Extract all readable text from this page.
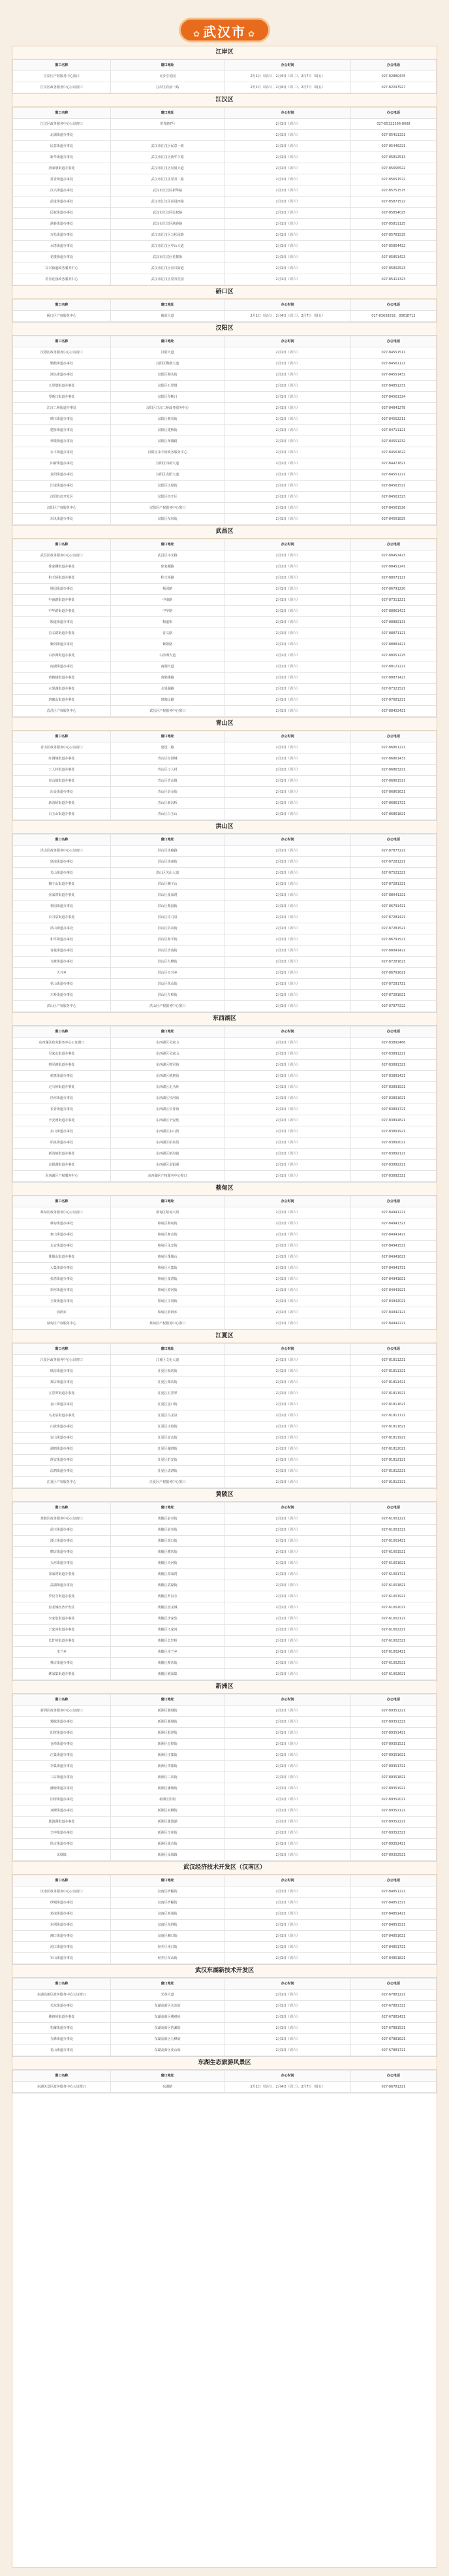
✿ 武汉市 ✿
江岸区
窗口名称	窗口地址	办公时间	办公电话
江岸区产权服务中心窗口	百步亭花园	2月1日（周六）、2月4日（周二）、2月7日（周五）	027-82880445
江岸区政务服务中心公证窗口	江岸区府前一路	2月1日（周六）、2月4日（周二）、2月7日（周五）	027-82297927
江汉区
窗口名称	窗口地址	办公时间	办公电话
江汉区政务服务中心公证窗口	常青路7号	2月1日（周六）	027-85322596-8008
北湖街道办事处		2月1日（周六）	027-85411321
民意街道办事处	武汉市江汉区民意一路	2月1日（周六）	027-85446221
新华街道办事处	武汉市江汉区新华下路	2月1日（周六）	027-85812513
唐家墩街道办事处	武汉市江汉区发展大道	2月1日（周六）	027-85656522
常青街道办事处	武汉市江汉区常青二路	2月1日（周六）	027-85651522
汉兴街道办事处	武汉市江汉区新华路	2月1日（周六）	027-85751575
前进街道办事处	武汉市江汉区前进四路	2月1日（周六）	027-85871522
民权街道办事处	武汉市江汉区民权路	2月1日（周六）	027-85854025
满春街道办事处	武汉市江汉区满春路	2月1日（周六）	027-85811125
万松街道办事处	武汉市江汉区万松园路	2月1日（周六）	027-85781525
水塔街道办事处	武汉市江汉区中山大道	2月1日（周六）	027-85854422
花楼街道办事处	武汉市江汉区花楼街	2月1日（周六）	027-85851423
汉兴街道政务服务中心	武汉市江汉区汉兴街道	2月1日（周六）	027-85802523
常青花园政务服务中心	武汉市江汉区常青花园	2月1日（周六）	027-85411323
硚口区
窗口名称	窗口地址	办公时间	办公电话
硚口区产权服务中心	解放大道	2月1日（周六）、2月4日（周二）、2月7日（周五）	027-83638292、83618712
汉阳区
窗口名称	窗口地址	办公时间	办公电话
汉阳区政务服务中心公证窗口	汉阳大道	2月1日（周六）	027-84551511
鹦鹉街道办事处	汉阳区鹦鹉大道	2月1日（周六）	027-84561121
洲头街道办事处	汉阳区洲头街	2月1日（周六）	027-84551432
五里墩街道办事处	汉阳区五里墩	2月1日（周六）	027-84851231
琴断口街道办事处	汉阳区琴断口	2月1日（周六）	027-84561324
江汉二桥街道办事处	汉阳区江汉二桥政务服务中心	2月1日（周六）	027-84841278
晴川街道办事处	汉阳区晴川街	2月1日（周六）	027-84562211
建桥街道办事处	汉阳区建桥街	2月1日（周六）	027-84711121
翠微街道办事处	汉阳区翠微路	2月1日（周六）	027-84551232
永丰街道办事处	汉阳区永丰街政务服务中心	2月1日（周六）	027-84561622
四新街道办事处	汉阳区四新大道	2月1日（周六）	027-84471821
龙阳街道办事处	汉阳区龙阳大道	2月1日（周六）	027-84551221
江堤街道办事处	汉阳区江堤街	2月1日（周六）	027-84561521
汉阳经济开发区	汉阳区经开区	2月1日（周六）	027-84561323
汉阳区产权服务中心	汉阳区产权服务中心窗口	2月1日（周六）	027-84561526
东风街道办事处	汉阳区东风街	2月1日（周六）	027-84561825
武昌区
窗口名称	窗口地址	办公时间	办公电话
武昌区政务服务中心公证窗口	武昌区中北路	2月1日（周六）	027-88452423
徐家棚街道办事处	徐家棚路	2月1日（周六）	027-88451241
积玉桥街道办事处	积玉桥路	2月1日（周六）	027-88071121
杨园街道办事处	杨园路	2月1日（周六）	027-86791220
中南路街道办事处	中南路	2月1日（周六）	027-87311221
中华路街道办事处	中华路	2月1日（周六）	027-88861421
粮道街道办事处	粮道街	2月1日（周六）	027-88882131
首义路街道办事处	首义路	2月1日（周六）	027-88871121
紫阳街道办事处	紫阳路	2月1日（周六）	027-88881421
白沙洲街道办事处	白沙洲大道	2月1日（周六）	027-88051225
南湖街道办事处	南湖大道	2月1日（周六）	027-88121221
黄鹤楼街道办事处	黄鹤楼路	2月1日（周六）	027-88871421
水果湖街道办事处	水果湖路	2月1日（周六）	027-87321521
珞珈山街道办事处	珞珈山路	2月1日（周六）	027-87681221
武昌区产权服务中心	武昌区产权服务中心窗口	2月1日（周六）	027-88452421
青山区
窗口名称	窗口地址	办公时间	办公电话
青山区政务服务中心公证窗口	建设二路	2月1日（周六）	027-86861221
红钢城街道办事处	青山区红钢城	2月1日（周六）	027-86861431
工人村街道办事处	青山区工人村	2月1日（周六）	027-86863221
青山镇街道办事处	青山区青山镇	2月1日（周六）	027-86861521
冶金街道办事处	青山区冶金街	2月1日（周六）	027-86861621
新沟桥街道办事处	青山区新沟桥	2月1日（周六）	027-86861721
白玉山街道办事处	青山区白玉山	2月1日（周六）	027-86861821
洪山区
窗口名称	窗口地址	办公时间	办公电话
洪山区政务服务中心公证窗口	洪山区珞喻路	2月1日（周六）	027-87877221
珞南街道办事处	洪山区珞南街	2月1日（周六）	027-87281221
关山街道办事处	洪山区关山大道	2月1日（周六）	027-87521321
狮子山街道办事处	洪山区狮子山	2月1日（周六）	027-87281321
张家湾街道办事处	洪山区张家湾	2月1日（周六）	027-88041321
梨园街道办事处	洪山区梨园街	2月1日（周六）	027-86791421
卓刀泉街道办事处	洪山区卓刀泉	2月1日（周六）	027-87281421
洪山街道办事处	洪山区洪山街	2月1日（周六）	027-87281521
和平街道办事处	洪山区和平街	2月1日（周六）	027-86791521
青菱街道办事处	洪山区青菱街	2月1日（周六）	027-88041421
九峰街道办事处	洪山区九峰街	2月1日（周六）	027-87281621
天兴乡	洪山区天兴乡	2月1日（周六）	027-86791621
花山街道办事处	洪山区花山街	2月1日（周六）	027-87281721
左岭街道办事处	洪山区左岭街	2月1日（周六）	027-87281821
洪山区产权服务中心	洪山区产权服务中心窗口	2月1日（周六）	027-87877222
东西湖区
窗口名称	窗口地址	办公时间	办公电话
东西湖区政务服务中心公证窗口	东西湖区吴家山	2月1日（周六）	027-83892466
吴家山街道办事处	东西湖区吴家山	2月1日（周六）	027-83891221
将军路街道办事处	东西湖区将军路	2月1日（周六）	027-83891321
慈惠街道办事处	东西湖区慈惠街	2月1日（周六）	027-83891421
走马岭街道办事处	东西湖区走马岭	2月1日（周六）	027-83891521
径河街道办事处	东西湖区径河街	2月1日（周六）	027-83891621
长青街道办事处	东西湖区长青街	2月1日（周六）	027-83891721
辛安渡街道办事处	东西湖区辛安渡	2月1日（周六）	027-83891821
东山街道办事处	东西湖区东山街	2月1日（周六）	027-83891921
柏泉街道办事处	东西湖区柏泉街	2月1日（周六）	027-83892021
新沟镇街道办事处	东西湖区新沟镇	2月1日（周六）	027-83892121
金银湖街道办事处	东西湖区金银湖	2月1日（周六）	027-83892221
东西湖区产权服务中心	东西湖区产权服务中心窗口	2月1日（周六）	027-83892321
蔡甸区
窗口名称	窗口地址	办公时间	办公电话
蔡甸区政务服务中心公证窗口	蔡甸区蔡甸大街	2月1日（周六）	027-84941221
蔡甸街道办事处	蔡甸区蔡甸街	2月1日（周六）	027-84941321
奓山街道办事处	蔡甸区奓山街	2月1日（周六）	027-84941421
永安街道办事处	蔡甸区永安街	2月1日（周六）	027-84941521
侏儒山街道办事处	蔡甸区侏儒山	2月1日（周六）	027-84941621
大集街道办事处	蔡甸区大集街	2月1日（周六）	027-84941721
张湾街道办事处	蔡甸区张湾街	2月1日（周六）	027-84941821
索河街道办事处	蔡甸区索河街	2月1日（周六）	027-84941921
玉贤街道办事处	蔡甸区玉贤街	2月1日（周六）	027-84942021
消泗乡	蔡甸区消泗乡	2月1日（周六）	027-84942121
蔡甸区产权服务中心	蔡甸区产权服务中心窗口	2月1日（周六）	027-84942221
江夏区
窗口名称	窗口地址	办公时间	办公电话
江夏区政务服务中心公证窗口	江夏区文化大道	2月1日（周六）	027-81811221
纸坊街道办事处	江夏区纸坊街	2月1日（周六）	027-81811321
郑店街道办事处	江夏区郑店街	2月1日（周六）	027-81811421
五里界街道办事处	江夏区五里界	2月1日（周六）	027-81811521
金口街道办事处	江夏区金口街	2月1日（周六）	027-81811621
乌龙泉街道办事处	江夏区乌龙泉	2月1日（周六）	027-81811721
山坡街道办事处	江夏区山坡街	2月1日（周六）	027-81811821
安山街道办事处	江夏区安山街	2月1日（周六）	027-81811921
湖泗街道办事处	江夏区湖泗街	2月1日（周六）	027-81812021
舒安街道办事处	江夏区舒安街	2月1日（周六）	027-81812121
法泗街道办事处	江夏区法泗街	2月1日（周六）	027-81812221
江夏区产权服务中心	江夏区产权服务中心窗口	2月1日（周六）	027-81812321
黄陂区
窗口名称	窗口地址	办公时间	办公电话
黄陂区政务服务中心公证窗口	黄陂区前川街	2月1日（周六）	027-61001221
前川街道办事处	黄陂区前川街	2月1日（周六）	027-61001321
滠口街道办事处	黄陂区滠口街	2月1日（周六）	027-61001421
横店街道办事处	黄陂区横店街	2月1日（周六）	027-61001521
天河街道办事处	黄陂区天河街	2月1日（周六）	027-61001621
祁家湾街道办事处	黄陂区祁家湾	2月1日（周六）	027-61001721
武湖街道办事处	黄陂区武湖街	2月1日（周六）	027-61001821
罗汉寺街道办事处	黄陂区罗汉寺	2月1日（周六）	027-61001921
盘龙城经济开发区	黄陂区盘龙城	2月1日（周六）	027-61002021
李家集街道办事处	黄陂区李家集	2月1日（周六）	027-61002121
王家河街道办事处	黄陂区王家河	2月1日（周六）	027-61002221
长轩岭街道办事处	黄陂区长轩岭	2月1日（周六）	027-61002321
木兰乡	黄陂区木兰乡	2月1日（周六）	027-61002421
蔡店街道办事处	黄陂区蔡店街	2月1日（周六）	027-61002521
姚家集街道办事处	黄陂区姚家集	2月1日（周六）	027-61002621
新洲区
窗口名称	窗口地址	办公时间	办公电话
新洲区政务服务中心公证窗口	新洲区邾城街	2月1日（周六）	027-89351221
邾城街道办事处	新洲区邾城街	2月1日（周六）	027-89351321
阳逻街道办事处	新洲区阳逻街	2月1日（周六）	027-89351421
仓埠街道办事处	新洲区仓埠街	2月1日（周六）	027-89351521
汪集街道办事处	新洲区汪集街	2月1日（周六）	027-89351621
李集街道办事处	新洲区李集街	2月1日（周六）	027-89351721
三店街道办事处	新洲区三店街	2月1日（周六）	027-89351821
潘塘街道办事处	新洲区潘塘街	2月1日（周六）	027-89351921
旧街街道办事处	新洲区旧街	2月1日（周六）	027-89352021
双柳街道办事处	新洲区双柳街	2月1日（周六）	027-89352121
涨渡湖街道办事处	新洲区涨渡湖	2月1日（周六）	027-89352221
辛冲街道办事处	新洲区辛冲街	2月1日（周六）	027-89352321
徐古街道办事处	新洲区徐古街	2月1日（周六）	027-89352421
凤凰镇	新洲区凤凰镇	2月1日（周六）	027-89352521
武汉经济技术开发区（汉南区）
窗口名称	窗口地址	办公时间	办公电话
汉南区政务服务中心公证窗口	汉南区纱帽街	2月1日（周六）	027-84851221
纱帽街道办事处	汉南区纱帽街	2月1日（周六）	027-84851321
邓南街道办事处	汉南区邓南街	2月1日（周六）	027-84851421
东荆街道办事处	汉南区东荆街	2月1日（周六）	027-84851521
湘口街道办事处	汉南区湘口街	2月1日（周六）	027-84851621
沌口街道办事处	经开区沌口街	2月1日（周六）	027-84851721
军山街道办事处	经开区军山街	2月1日（周六）	027-84851821
武汉东湖新技术开发区
窗口名称	窗口地址	办公时间	办公电话
东湖高新区政务服务中心公证窗口	光谷大道	2月1日（周六）	027-67881221
关东街道办事处	东湖高新区关东街	2月1日（周六）	027-67881321
佛祖岭街道办事处	东湖高新区佛祖岭	2月1日（周六）	027-67881421
豹澥街道办事处	东湖高新区豹澥街	2月1日（周六）	027-67881521
九峰街道办事处	东湖高新区九峰街	2月1日（周六）	027-67881621
花山街道办事处	东湖高新区花山街	2月1日（周六）	027-67881721
东湖生态旅游风景区
窗口名称	窗口地址	办公时间	办公电话
东湖风景区政务服务中心公证窗口	东湖路	2月1日（周六）、2月4日（周二）、2月7日（周五）	027-86781221
